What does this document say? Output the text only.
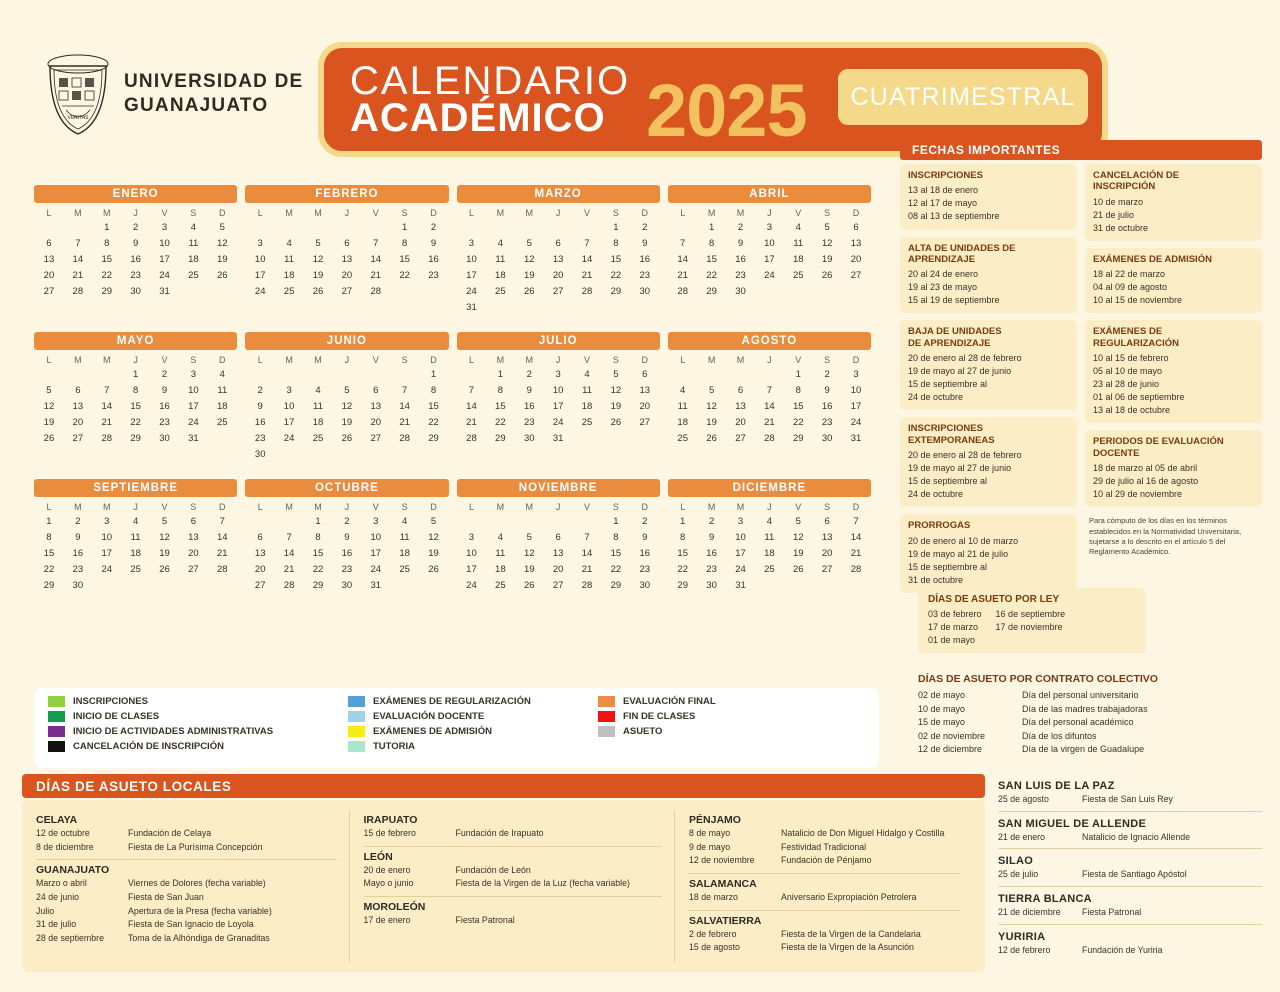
VERITAS
UNIVERSIDAD DE
GUANAJUATO
CALENDARIO
ACADÉMICO 2025	CUATRIMESTRAL
ENERO
L	M	M	J	V	S	D
		1	2	3	4	5
6	7	8	9	10	11	12
13	14	15	16	17	18	19
20	21	22	23	24	25	26
27	28	29	30	31		
FEBRERO
L	M	M	J	V	S	D
					1	2
3	4	5	6	7	8	9
10	11	12	13	14	15	16
17	18	19	20	21	22	23
24	25	26	27	28		
MARZO
L	M	M	J	V	S	D
					1	2
3	4	5	6	7	8	9
10	11	12	13	14	15	16
17	18	19	20	21	22	23
24	25	26	27	28	29	30
31						
ABRIL
L	M	M	J	V	S	D
	1	2	3	4	5	6
7	8	9	10	11	12	13
14	15	16	17	18	19	20
21	22	23	24	25	26	27
28	29	30				
MAYO
L	M	M	J	V	S	D
			1	2	3	4
5	6	7	8	9	10	11
12	13	14	15	16	17	18
19	20	21	22	23	24	25
26	27	28	29	30	31	
JUNIO
L	M	M	J	V	S	D
						1
2	3	4	5	6	7	8
9	10	11	12	13	14	15
16	17	18	19	20	21	22
23	24	25	26	27	28	29
30						
JULIO
L	M	M	J	V	S	D
	1	2	3	4	5	6
7	8	9	10	11	12	13
14	15	16	17	18	19	20
21	22	23	24	25	26	27
28	29	30	31			
AGOSTO
L	M	M	J	V	S	D
				1	2	3
4	5	6	7	8	9	10
11	12	13	14	15	16	17
18	19	20	21	22	23	24
25	26	27	28	29	30	31
SEPTIEMBRE
L	M	M	J	V	S	D
1	2	3	4	5	6	7
8	9	10	11	12	13	14
15	16	17	18	19	20	21
22	23	24	25	26	27	28
29	30					
OCTUBRE
L	M	M	J	V	S	D
		1	2	3	4	5
6	7	8	9	10	11	12
13	14	15	16	17	18	19
20	21	22	23	24	25	26
27	28	29	30	31		
NOVIEMBRE
L	M	M	J	V	S	D
					1	2
3	4	5	6	7	8	9
10	11	12	13	14	15	16
17	18	19	20	21	22	23
24	25	26	27	28	29	30
DICIEMBRE
L	M	M	J	V	S	D
1	2	3	4	5	6	7
8	9	10	11	12	13	14
15	16	17	18	19	20	21
22	23	24	25	26	27	28
29	30	31				
INSCRIPCIONES
INICIO DE CLASES
INICIO DE ACTIVIDADES ADMINISTRATIVAS
CANCELACIÓN DE INSCRIPCIÓN
EXÁMENES DE REGULARIZACIÓN
EVALUACIÓN DOCENTE
EXÁMENES DE ADMISIÓN
TUTORIA
EVALUACIÓN FINAL
FIN DE CLASES
ASUETO
FECHAS IMPORTANTES
INSCRIPCIONES
13 al 18 de enero
12 al 17 de mayo
08 al 13 de septiembre
ALTA DE UNIDADES DE
APRENDIZAJE
20 al 24 de enero
19 al 23 de mayo
15 al 19 de septiembre
BAJA DE UNIDADES
DE APRENDIZAJE
20 de enero al 28 de febrero
19 de mayo al 27 de junio
15 de septiembre al
24 de octubre
INSCRIPCIONES
EXTEMPORANEAS
20 de enero al 28 de febrero
19 de mayo al 27 de junio
15 de septiembre al
24 de octubre
PRORROGAS
20 de enero al 10 de marzo
19 de mayo al 21 de julio
15 de septiembre al
31 de octubre
CANCELACIÓN DE
INSCRIPCIÓN
10 de marzo
21 de julio
31 de octubre
EXÁMENES DE ADMISIÓN
18 al 22 de marzo
04 al 09 de agosto
10 al 15 de noviembre
EXÁMENES DE
REGULARIZACIÓN
10 al 15 de febrero
05 al 10 de mayo
23 al 28 de junio
01 al 06 de septiembre
13 al 18 de octubre
PERIODOS DE EVALUACIÓN
DOCENTE
18 de marzo al 05 de abril
29 de julio al 16 de agosto
10 al 29 de noviembre
Para cómputo de los días en los términos establecidos en la Normatividad Universitaria, sujetarse a lo descrito en el artículo 5 del Reglamento Académico.
DÍAS DE ASUETO POR LEY
03 de febrero
17 de marzo
01 de mayo
16 de septiembre
17 de noviembre
DÍAS DE ASUETO POR CONTRATO COLECTIVO
02 de mayo	Día del personal universitario
10 de mayo	Día de las madres trabajadoras
15 de mayo	Día del personal académico
02 de noviembre	Día de los difuntos
12 de diciembre	Día de la virgen de Guadalupe
DÍAS DE ASUETO LOCALES
CELAYA
12 de octubre	Fundación de Celaya
8 de diciembre	Fiesta de La Purísima Concepción
GUANAJUATO
Marzo o abril	Viernes de Dolores (fecha variable)
24 de junio	Fiesta de San Juan
Julio	Apertura de la Presa (fecha variable)
31 de julio	Fiesta de San Ignacio de Loyola
28 de septiembre	Toma de la Alhóndiga de Granaditas
IRAPUATO
15 de febrero	Fundación de Irapuato
LEÓN
20 de enero	Fundación de León
Mayo o junio	Fiesta de la Virgen de la Luz (fecha variable)
MOROLEÓN
17 de enero	Fiesta Patronal
PÉNJAMO
8 de mayo	Natalicio de Don Miguel Hidalgo y Costilla
9 de mayo	Festividad Tradicional
12 de noviembre	Fundación de Pénjamo
SALAMANCA
18 de marzo	Aniversario Expropiación Petrolera
SALVATIERRA
2 de febrero	Fiesta de la Virgen de la Candelaria
15 de agosto	Fiesta de la Virgen de la Asunción
SAN LUIS DE LA PAZ
25 de agosto	Fiesta de San Luis Rey
SAN MIGUEL DE ALLENDE
21 de enero	Natalicio de Ignacio Allende
SILAO
25 de julio	Fiesta de Santiago Apóstol
TIERRA BLANCA
21 de diciembre	Fiesta Patronal
YURIRIA
12 de febrero	Fundación de Yuriria
